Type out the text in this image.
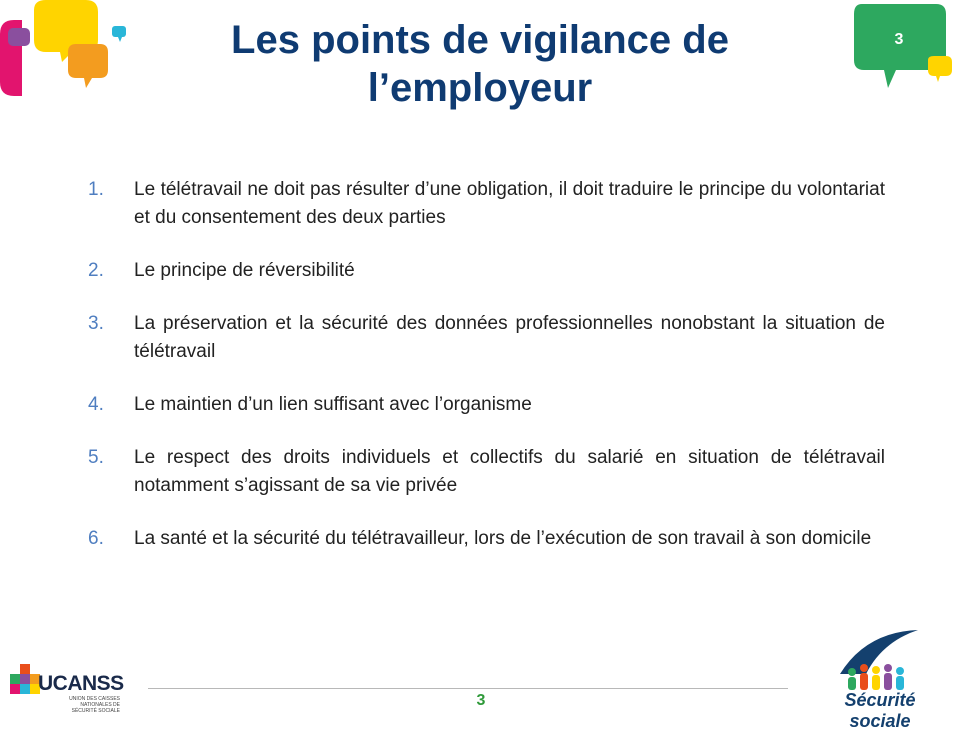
3
Les points de vigilance de l’employeur
1.	Le télétravail ne doit pas résulter d’une obligation, il doit traduire le principe du volontariat et du consentement des deux parties
2.	Le principe de réversibilité
3.	La préservation et la sécurité des données professionnelles nonobstant la situation de télétravail
4.	Le maintien d’un lien suffisant avec l’organisme
5.	Le respect des droits individuels et collectifs du salarié en situation de télétravail notamment s’agissant de sa vie privée
6.	La santé et la sécurité du télétravailleur, lors de l’exécution de son travail à son domicile
3
UCANSS
UNION DES CAISSES NATIONALES DE SÉCURITÉ SOCIALE
Sécurité sociale
